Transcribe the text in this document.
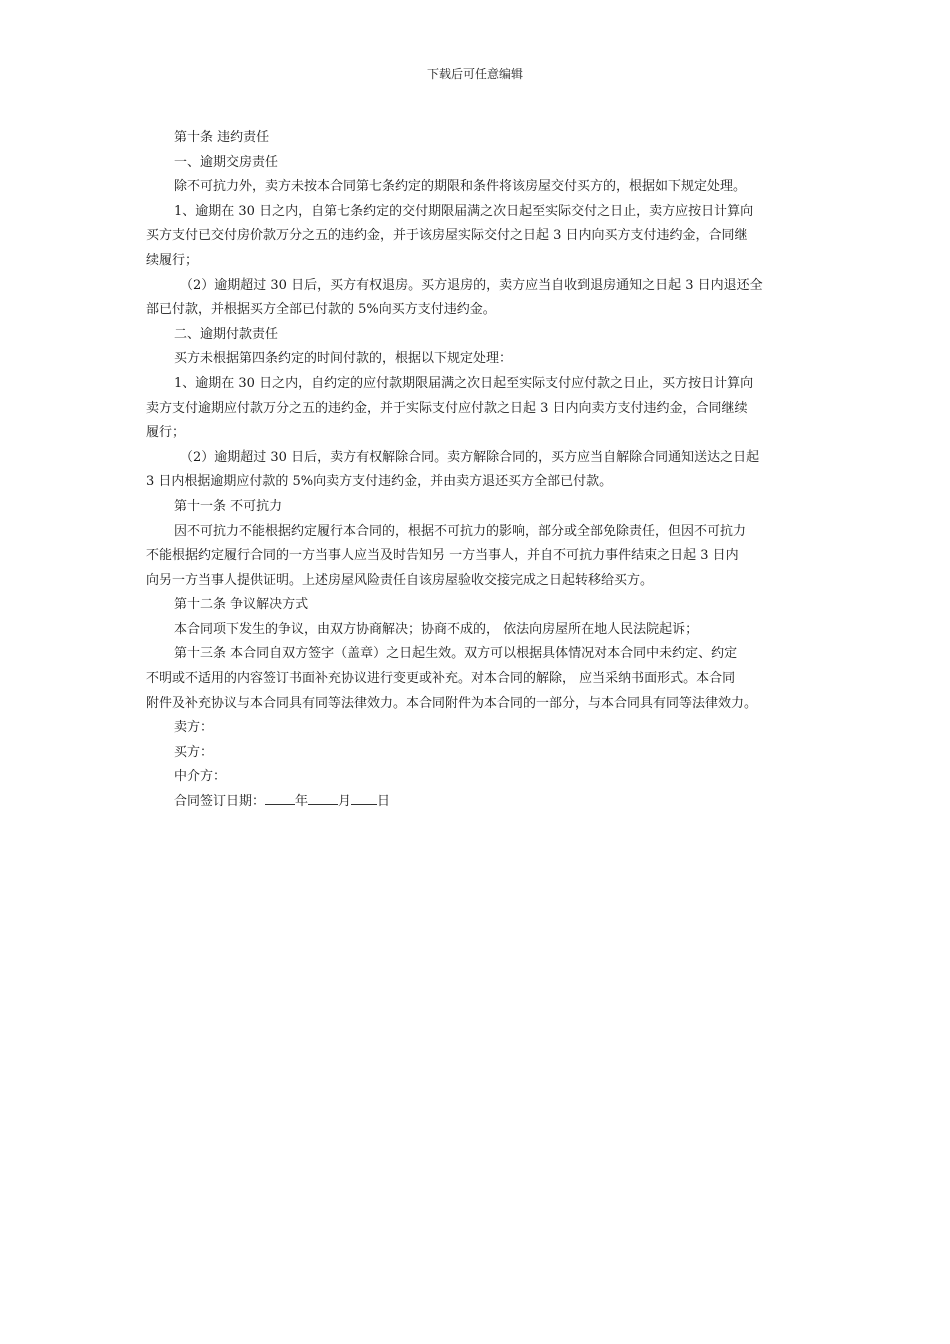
下载后可任意编辑

第十条 违约责任

一、逾期交房责任

除不可抗力外，卖方未按本合同第七条约定的期限和条件将该房屋交付买方的，根据如下规定处理。

1、逾期在 30 日之内，自第七条约定的交付期限届满之次日起至实际交付之日止，卖方应按日计算向

买方支付已交付房价款万分之五的违约金，并于该房屋实际交付之日起 3 日内向买方支付违约金，合同继

续履行；

（2）逾期超过 30 日后，买方有权退房。买方退房的，卖方应当自收到退房通知之日起 3 日内退还全

部已付款，并根据买方全部已付款的 5%向买方支付违约金。

二、逾期付款责任

买方未根据第四条约定的时间付款的，根据以下规定处理：

1、逾期在 30 日之内，自约定的应付款期限届满之次日起至实际支付应付款之日止，买方按日计算向

卖方支付逾期应付款万分之五的违约金，并于实际支付应付款之日起 3 日内向卖方支付违约金，合同继续

履行；

（2）逾期超过 30 日后，卖方有权解除合同。卖方解除合同的，买方应当自解除合同通知送达之日起

3 日内根据逾期应付款的 5%向卖方支付违约金，并由卖方退还买方全部已付款。

第十一条 不可抗力

因不可抗力不能根据约定履行本合同的，根据不可抗力的影响，部分或全部免除责任，但因不可抗力

不能根据约定履行合同的一方当事人应当及时告知另 一方当事人，并自不可抗力事件结束之日起 3 日内

向另一方当事人提供证明。上述房屋风险责任自该房屋验收交接完成之日起转移给买方。

第十二条 争议解决方式

本合同项下发生的争议，由双方协商解决；协商不成的， 依法向房屋所在地人民法院起诉；

第十三条 本合同自双方签字（盖章）之日起生效。双方可以根据具体情况对本合同中未约定、约定

不明或不适用的内容签订书面补充协议进行变更或补充。对本合同的解除， 应当采纳书面形式。本合同

附件及补充协议与本合同具有同等法律效力。本合同附件为本合同的一部分，与本合同具有同等法律效力。

卖方：

买方：

中介方：

合同签订日期： 年 月 日
